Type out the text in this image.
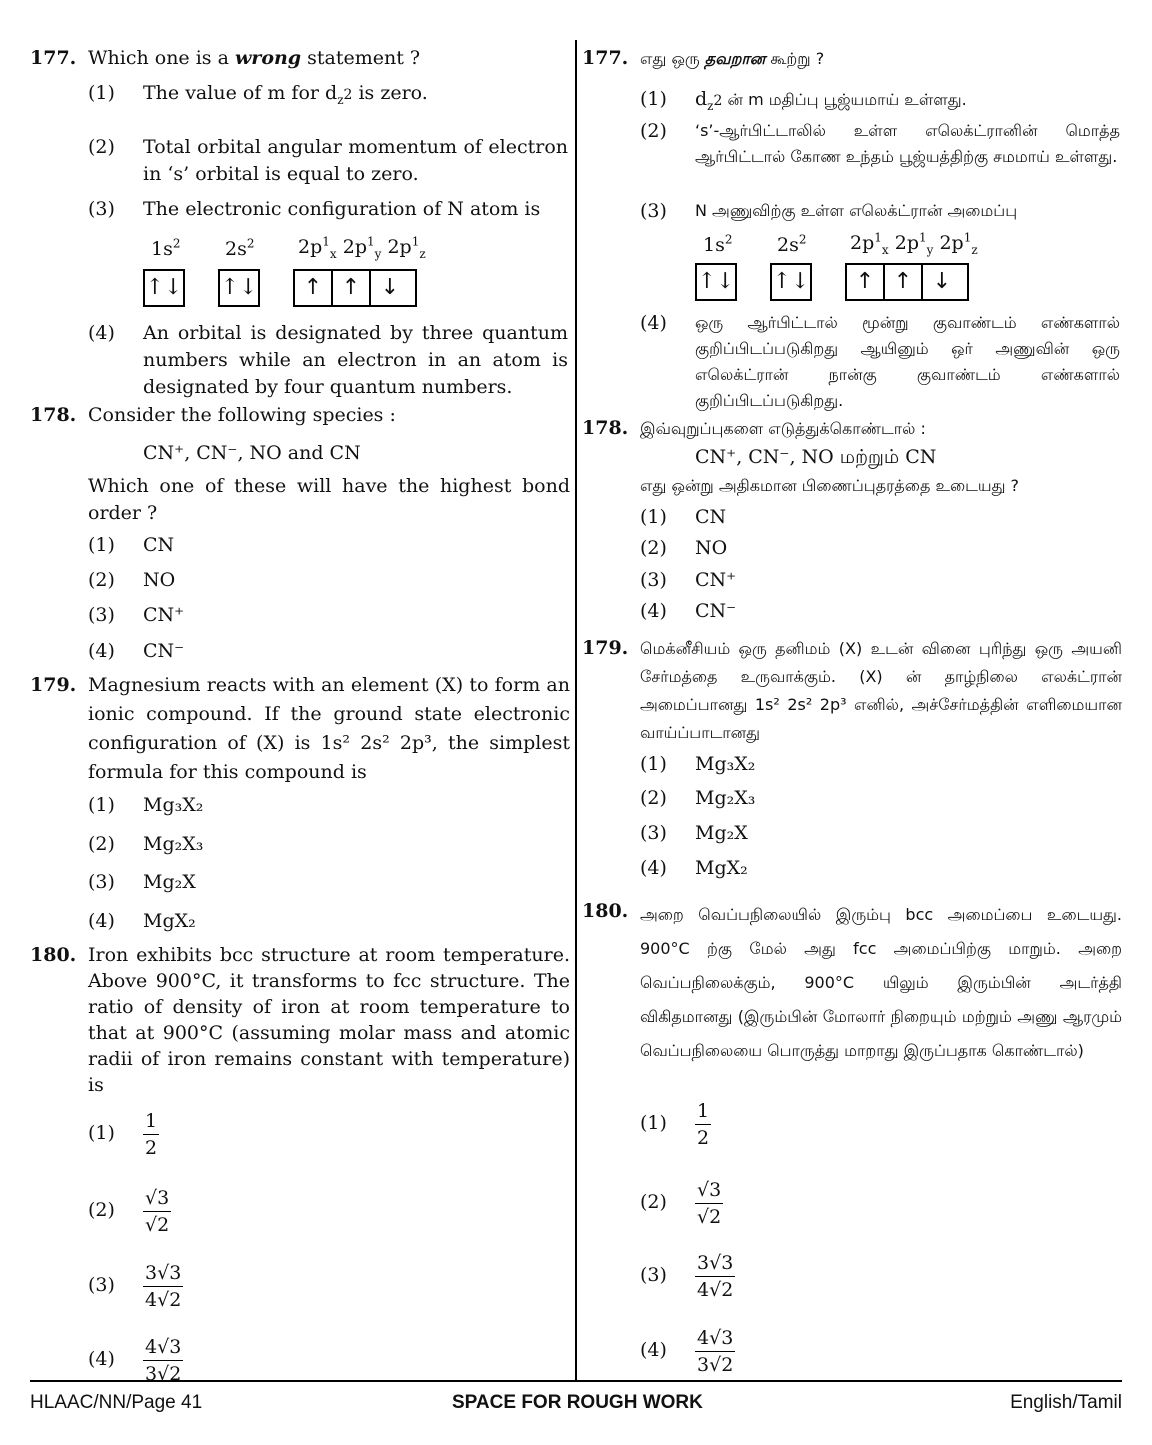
177. Which one is a wrong statement ?
(1)	The value of m for $d_z2$ is zero.
(2)	Total orbital angular momentum of electron in ‘s’ orbital is equal to zero.
(3)	The electronic configuration of N atom is
$1s^2$ $2s^2$ $2p^1_x$ $2p^1_y$ $2p^1_z$
↑↓ ↑↓	↑ ↑ ↓
(4)	An orbital is designated by three quantum numbers while an electron in an atom is designated by four quantum numbers.
178. Consider the following species :
CN⁺, CN⁻, NO and CN
Which one of these will have the highest bond order ?
(1)	CN
(2)	NO
(3)	CN⁺
(4)	CN⁻
179. Magnesium reacts with an element (X) to form an ionic compound. If the ground state electronic configuration of (X) is 1s² 2s² 2p³, the simplest formula for this compound is
(1)	Mg₃X₂
(2)	Mg₂X₃
(3)	Mg₂X
(4)	MgX₂
180. Iron exhibits bcc structure at room temperature. Above 900°C, it transforms to fcc structure. The ratio of density of iron at room temperature to that at 900°C (assuming molar mass and atomic radii of iron remains constant with temperature) is
(1)	$\frac{1}{2}$
(2)	$\frac{√3}{√2}$
(3)	$\frac{3√3}{4√2}$
(4)	$\frac{4√3}{3√2}$
177. எது ஒரு தவறான கூற்று ?
(1)	$d_z2$ ன் m மதிப்பு பூஜ்யமாய் உள்ளது.
(2)	‘s’-ஆர்பிட்டாலில் உள்ள எலெக்ட்ரானின் மொத்த ஆர்பிட்டால் கோண உந்தம் பூஜ்யத்திற்கு சமமாய் உள்ளது.
(3)	N அணுவிற்கு உள்ள எலெக்ட்ரான் அமைப்பு
$1s^2$ $2s^2$ $2p^1_x$ $2p^1_y$ $2p^1_z$
↑↓ ↑↓	↑ ↑ ↓
(4)	ஒரு ஆர்பிட்டால் மூன்று குவாண்டம் எண்களால் குறிப்பிடப்படுகிறது ஆயினும் ஒர் அணுவின் ஒரு எலெக்ட்ரான் நான்கு குவாண்டம் எண்களால் குறிப்பிடப்படுகிறது.
178. இவ்வுறுப்புகளை எடுத்துக்கொண்டால் :
CN⁺, CN⁻, NO மற்றும் CN
எது ஒன்று அதிகமான பிணைப்புதரத்தை உடையது ?
(1)	CN
(2)	NO
(3)	CN⁺
(4)	CN⁻
179. மெக்னீசியம் ஒரு தனிமம் (X) உடன் வினை புரிந்து ஒரு அயனி சேர்மத்தை உருவாக்கும். (X) ன் தாழ்நிலை எலக்ட்ரான் அமைப்பானது 1s² 2s² 2p³ எனில், அச்சேர்மத்தின் எளிமையான வாய்ப்பாடானது
(1)	Mg₃X₂
(2)	Mg₂X₃
(3)	Mg₂X
(4)	MgX₂
180. அறை வெப்பநிலையில் இரும்பு bcc அமைப்பை உடையது. 900°C ற்கு மேல் அது fcc அமைப்பிற்கு மாறும். அறை வெப்பநிலைக்கும், 900°C யிலும் இரும்பின் அடர்த்தி விகிதமானது (இரும்பின் மோலார் நிறையும் மற்றும் அணு ஆரமும் வெப்பநிலையை பொருத்து மாறாது இருப்பதாக கொண்டால்)
(1)	$\frac{1}{2}$
(2)	$\frac{√3}{√2}$
(3)	$\frac{3√3}{4√2}$
(4)	$\frac{4√3}{3√2}$
HLAAC/NN/Page 41	SPACE FOR ROUGH WORK	English/Tamil
